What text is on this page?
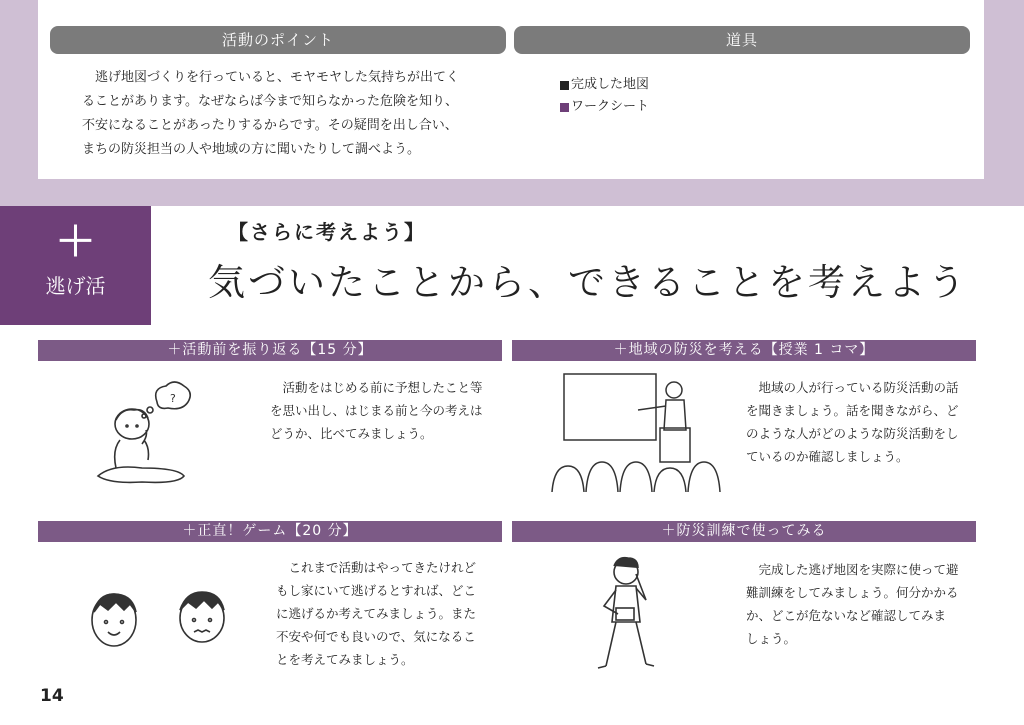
活動のポイント	道具

逃げ地図づくりを行っていると、モヤモヤした気持ちが出てく

ることがあります。なぜならば今まで知らなかった危険を知り、
不安になることがあったりするからです。その疑問を出し合い、
まちの防災担当の人や地域の方に聞いたりして調べよう。
完成した地図
ワークシート
＋
逃げ活
【さらに考えよう】
気づいたことから、できることを考えよう
＋活動前を振り返る【15 分】
?

活動をはじめる前に予想したこと等

を思い出し、はじまる前と今の考えは
どうか、比べてみましょう。
＋地域の防災を考える【授業 1 コマ】

地域の人が行っている防災活動の話

を聞きましょう。話を聞きながら、ど
のような人がどのような防災活動をし
ているのか確認しましょう。
＋正直！ゲーム【20 分】

これまで活動はやってきたけれど

もし家にいて逃げるとすれば、どこ
に逃げるか考えてみましょう。また
不安や何でも良いので、気になるこ
とを考えてみましょう。
＋防災訓練で使ってみる

完成した逃げ地図を実際に使って避

難訓練をしてみましょう。何分かかる
か、どこが危ないなど確認してみま
しょう。
14
